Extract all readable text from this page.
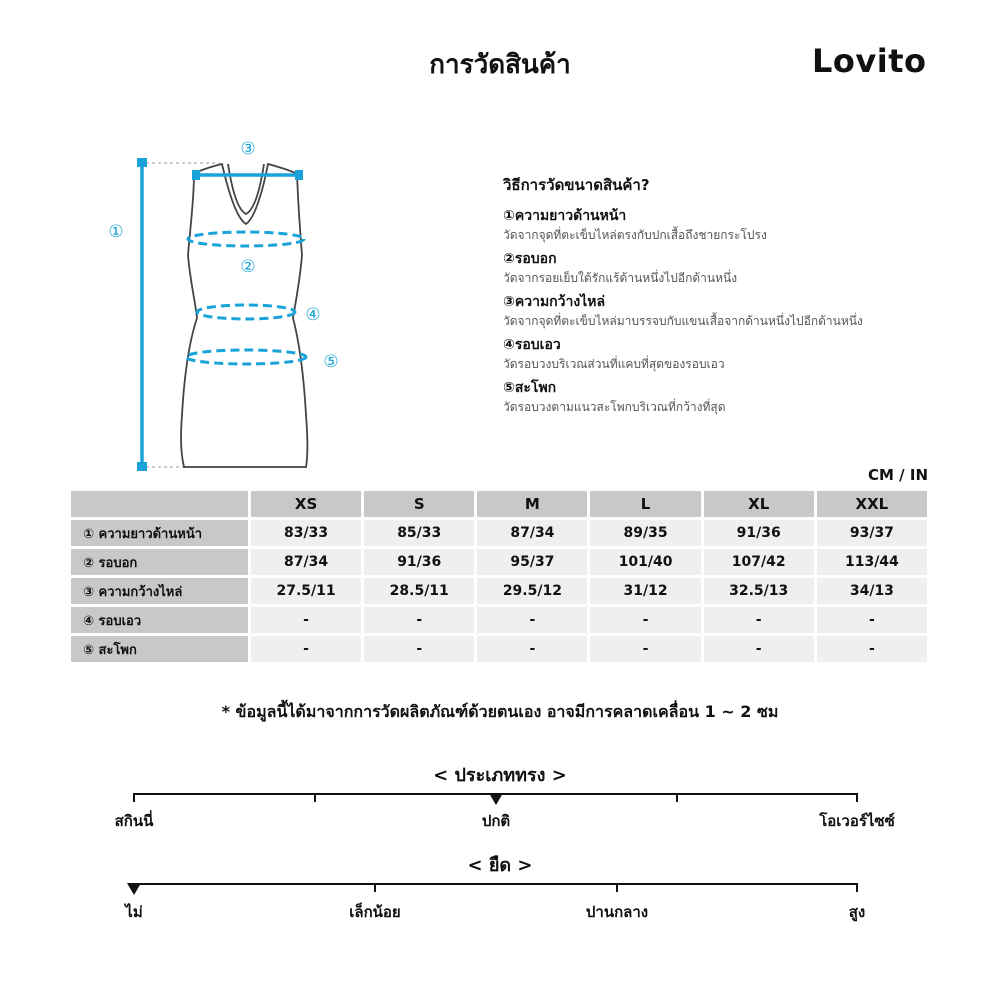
การวัดสินค้า	Lovito
①
②
③
④
⑤
วิธีการวัดขนาดสินค้า?
①ความยาวด้านหน้า
วัดจากจุดที่ตะเข็บไหล่ตรงกับปกเสื้อถึงชายกระโปรง
②รอบอก
วัดจากรอยเย็บใต้รักแร้ด้านหนึ่งไปอีกด้านหนึ่ง
③ความกว้างไหล่
วัดจากจุดที่ตะเข็บไหล่มาบรรจบกับแขนเสื้อจากด้านหนึ่งไปอีกด้านหนึ่ง
④รอบเอว
วัดรอบวงบริเวณส่วนที่แคบที่สุดของรอบเอว
⑤สะโพก
วัดรอบวงตามแนวสะโพกบริเวณที่กว้างที่สุด
CM / IN
	XS	S	M	L	XL	XXL
① ความยาวด้านหน้า	83/33	85/33	87/34	89/35	91/36	93/37
② รอบอก	87/34	91/36	95/37	101/40	107/42	113/44
③ ความกว้างไหล่	27.5/11	28.5/11	29.5/12	31/12	32.5/13	34/13
④ รอบเอว	-	-	-	-	-	-
⑤ สะโพก	-	-	-	-	-	-
* ข้อมูลนี้ได้มาจากการวัดผลิตภัณฑ์ด้วยตนเอง อาจมีการคลาดเคลื่อน 1 ~ 2 ซม
< ประเภททรง >
สกินนี่	ปกติ	โอเวอร์ไซซ์
< ยืด >
ไม่	เล็กน้อย	ปานกลาง	สูง
